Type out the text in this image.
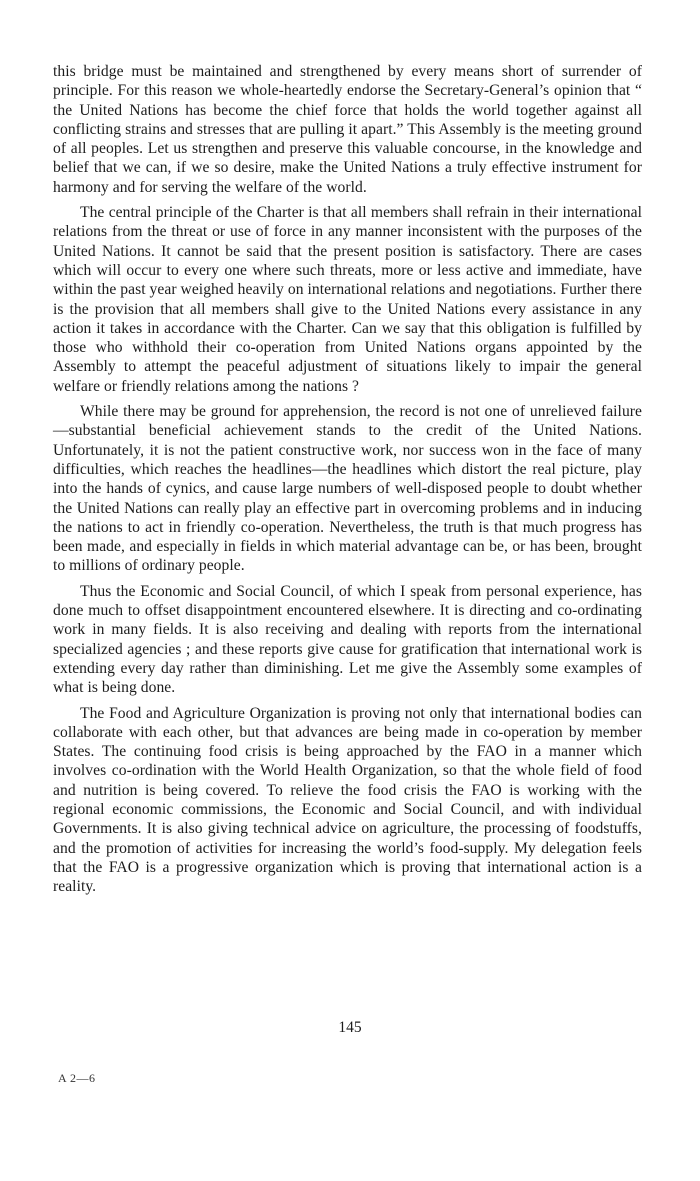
this bridge must be maintained and strengthened by every means short of surrender of principle. For this reason we whole-heartedly endorse the Secretary-General’s opinion that “ the United Nations has become the chief force that holds the world together against all conflicting strains and stresses that are pulling it apart.” This Assembly is the meeting ground of all peoples. Let us strengthen and preserve this valuable concourse, in the knowledge and belief that we can, if we so desire, make the United Nations a truly effective instrument for harmony and for serving the welfare of the world.

The central principle of the Charter is that all members shall refrain in their international relations from the threat or use of force in any manner inconsistent with the purposes of the United Nations. It cannot be said that the present position is satisfactory. There are cases which will occur to every one where such threats, more or less active and immediate, have within the past year weighed heavily on international relations and negotiations. Further there is the provision that all members shall give to the United Nations every assistance in any action it takes in accordance with the Charter. Can we say that this obligation is fulfilled by those who withhold their co-operation from United Nations organs appointed by the Assembly to attempt the peaceful adjustment of situations likely to impair the general welfare or friendly relations among the nations ?

While there may be ground for apprehension, the record is not one of unrelieved failure—substantial beneficial achievement stands to the credit of the United Nations. Unfortunately, it is not the patient constructive work, nor success won in the face of many difficulties, which reaches the headlines—the headlines which distort the real picture, play into the hands of cynics, and cause large numbers of well-disposed people to doubt whether the United Nations can really play an effective part in overcoming problems and in inducing the nations to act in friendly co-operation. Nevertheless, the truth is that much progress has been made, and especially in fields in which material advantage can be, or has been, brought to millions of ordinary people.

Thus the Economic and Social Council, of which I speak from personal experience, has done much to offset disappointment encountered elsewhere. It is directing and co-ordinating work in many fields. It is also receiving and dealing with reports from the international specialized agencies ; and these reports give cause for gratification that international work is extending every day rather than diminishing. Let me give the Assembly some examples of what is being done.

The Food and Agriculture Organization is proving not only that international bodies can collaborate with each other, but that advances are being made in co-operation by member States. The continuing food crisis is being approached by the FAO in a manner which involves co-ordination with the World Health Organization, so that the whole field of food and nutrition is being covered. To relieve the food crisis the FAO is working with the regional economic commissions, the Economic and Social Council, and with individual Governments. It is also giving technical advice on agriculture, the processing of foodstuffs, and the promotion of activities for increasing the world’s food-supply. My delegation feels that the FAO is a progressive organization which is proving that international action is a reality.

145
A 2—6
